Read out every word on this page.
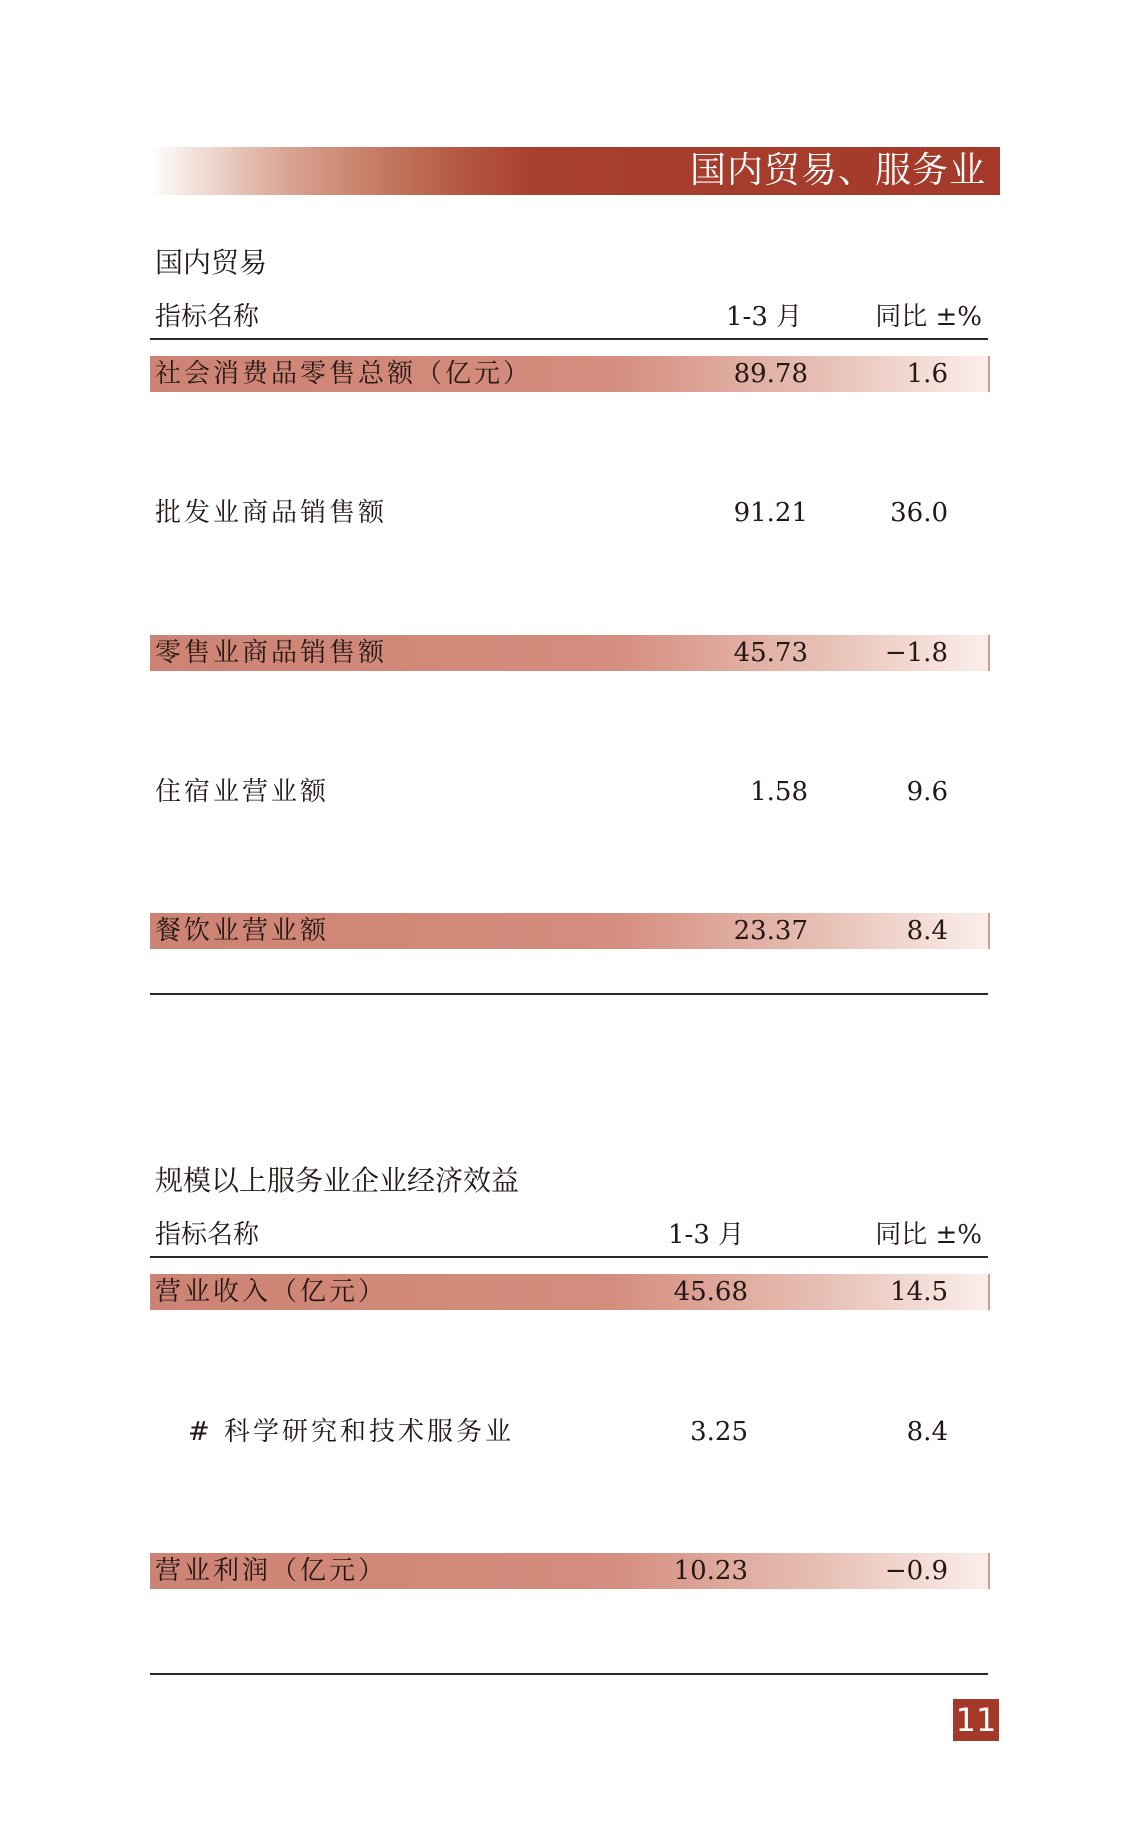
国内贸易、服务业
国内贸易
指标名称	1-3 月	同比 ±%
社会消费品零售总额（亿元）	89.78	1.6
批发业商品销售额	91.21	36.0
零售业商品销售额	45.73	−1.8
住宿业营业额	1.58	9.6
餐饮业营业额	23.37	8.4
规模以上服务业企业经济效益
指标名称	1-3 月	同比 ±%
营业收入（亿元）	45.68	14.5
# 科学研究和技术服务业	3.25	8.4
营业利润（亿元）	10.23	−0.9
11
